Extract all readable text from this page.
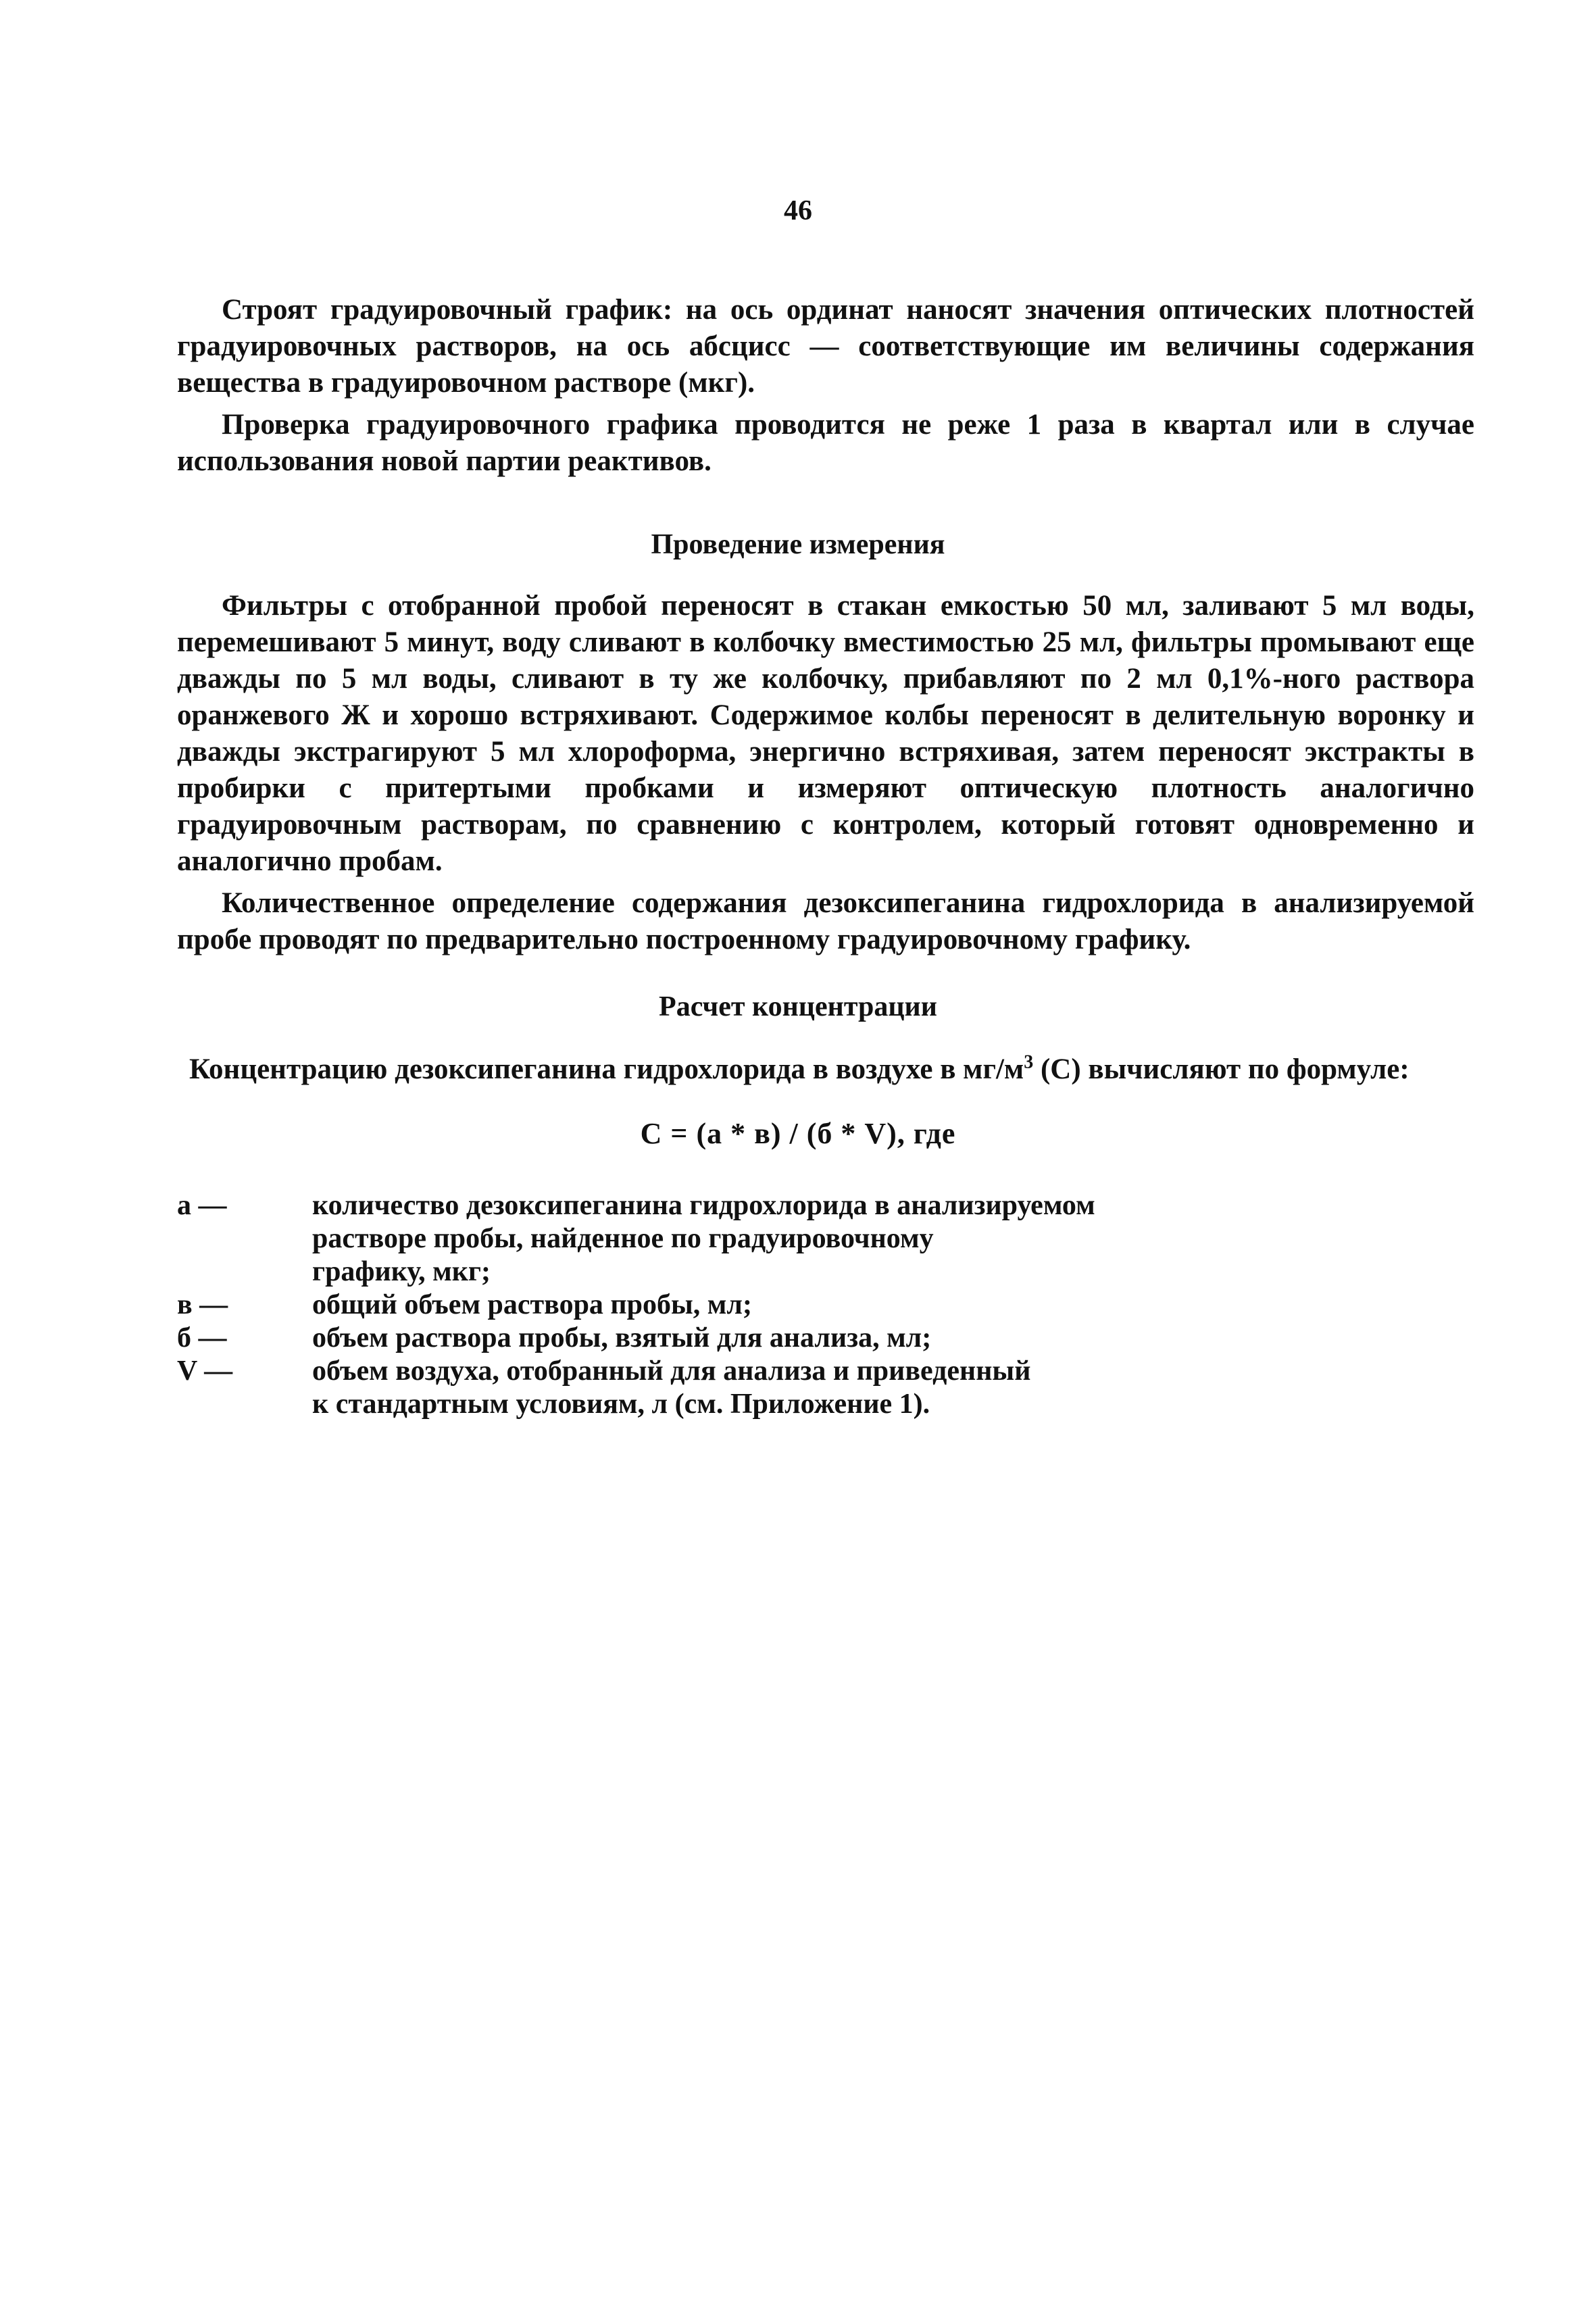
46

Строят градуировочный график: на ось ординат наносят значения оптических плотностей градуировочных растворов, на ось абсцисс — соответствующие им величины содержания вещества в градуировочном растворе (мкг).

Проверка градуировочного графика проводится не реже 1 раза в квартал или в случае использования новой партии реактивов.

Проведение измерения

Фильтры с отобранной пробой переносят в стакан емкостью 50 мл, заливают 5 мл воды, перемешивают 5 минут, воду сливают в колбочку вместимостью 25 мл, фильтры промывают еще дважды по 5 мл воды, сливают в ту же колбочку, прибавляют по 2 мл 0,1%-ного раствора оранжевого Ж и хорошо встряхивают. Содержимое колбы переносят в делительную воронку и дважды экстрагируют 5 мл хлороформа, энергично встряхивая, затем переносят экстракты в пробирки с притертыми пробками и измеряют оптическую плотность аналогично градуировочным растворам, по сравнению с контролем, который готовят одновременно и аналогично пробам.

Количественное определение содержания дезоксипеганина гидрохлорида в анализируемой пробе проводят по предварительно построенному градуировочному графику.

Расчет концентрации
Концентрацию дезоксипеганина гидрохлорида в воздухе в $мг/м^3$ (С) вычисляют по формуле:
С = (а * в) / (б * V), где
а —	количество дезоксипеганина гидрохлорида в анализируемом
растворе пробы, найденное по градуировочному
графику, мкг;
в —	общий объем раствора пробы, мл;
б —	объем раствора пробы, взятый для анализа, мл;
V —	объем воздуха, отобранный для анализа и приведенный
к стандартным условиям, л (см. Приложение 1).
